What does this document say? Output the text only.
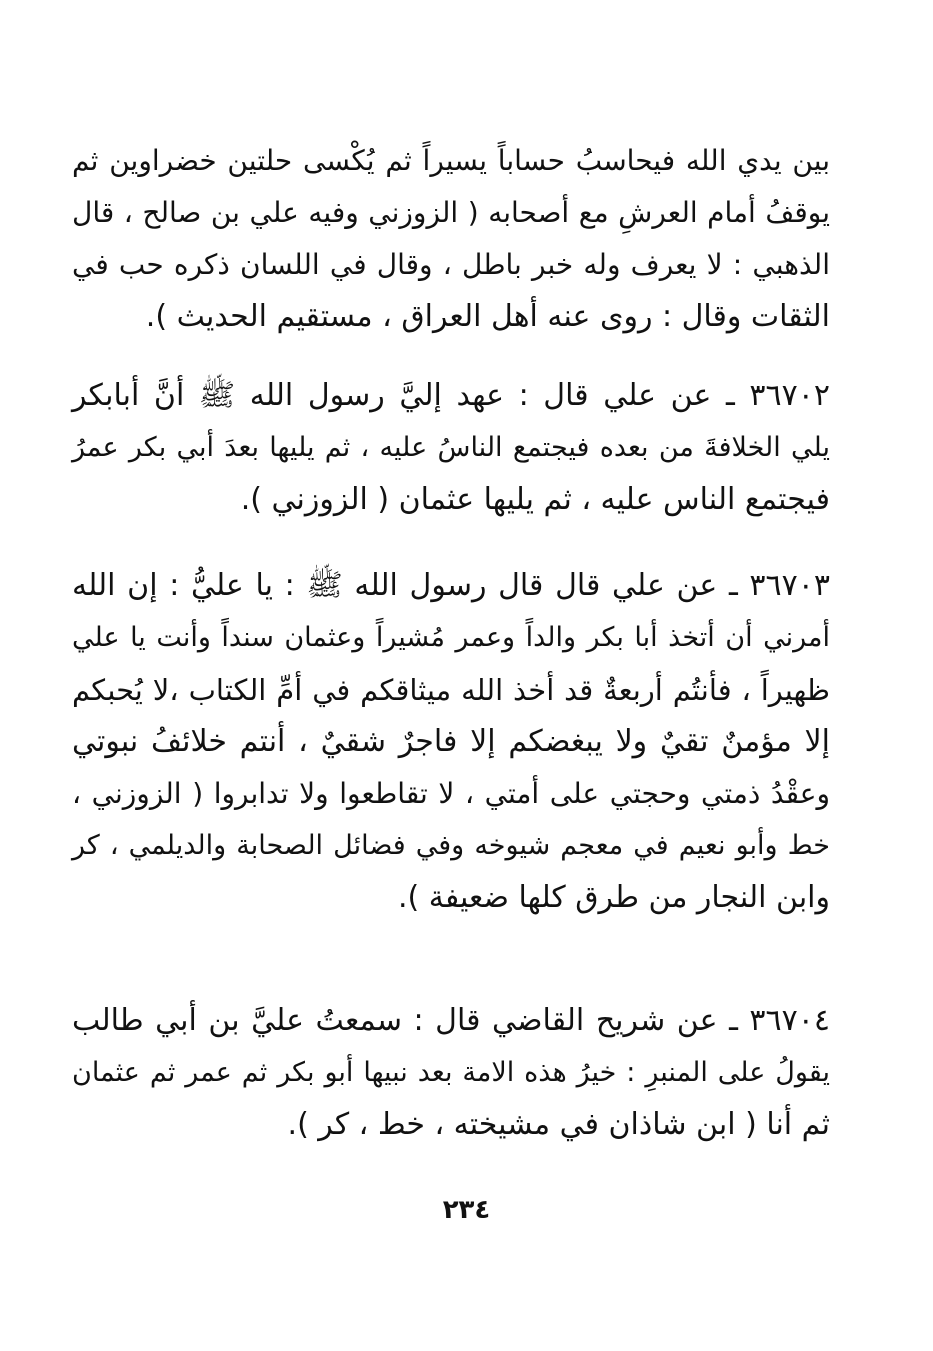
بين يدي الله فيحاسبُ حساباً يسيراً ثم يُكْسى حلتين خضراوين ثم
يوقفُ أمام العرشِ مع أصحابه ( الزوزني وفيه علي بن صالح ، قال
الذهبي : لا يعرف وله خبر باطل ، وقال في اللسان ذكره حب في
الثقات وقال : روى عنه أهل العراق ، مستقيم الحديث ).
٣٦٧٠٢ ـ عن علي قال : عهد إليَّ رسول الله ﷺ أنَّ أبابكر
يلي الخلافةَ من بعده فيجتمع الناسُ عليه ، ثم يليها بعدَ أبي بكر عمرُ
فيجتمع الناس عليه ، ثم يليها عثمان ( الزوزني ).
٣٦٧٠٣ ـ عن علي قال قال رسول الله ﷺ : يا عليُّ : إن الله
أمرني أن أتخذ أبا بكر والداً وعمر مُشيراً وعثمان سنداً وأنت يا علي
ظهيراً ، فأنتُم أربعةٌ قد أخذ الله ميثاقكم في أمِّ الكتاب ،لا يُحبكم
إلا مؤمنٌ تقيٌ ولا يبغضكم إلا فاجرٌ شقيٌ ، أنتم خلائفُ نبوتي
وعقْدُ ذمتي وحجتي على أمتي ، لا تقاطعوا ولا تدابروا ( الزوزني ،
خط وأبو نعيم في معجم شيوخه وفي فضائل الصحابة والديلمي ، كر
وابن النجار من طرق كلها ضعيفة ).
٣٦٧٠٤ ـ عن شريح القاضي قال : سمعتُ عليَّ بن أبي طالب
يقولُ على المنبرِ : خيرُ هذه الامة بعد نبيها أبو بكر ثم عمر ثم عثمان
ثم أنا ( ابن شاذان في مشيخته ، خط ، كر ).
٢٣٤
